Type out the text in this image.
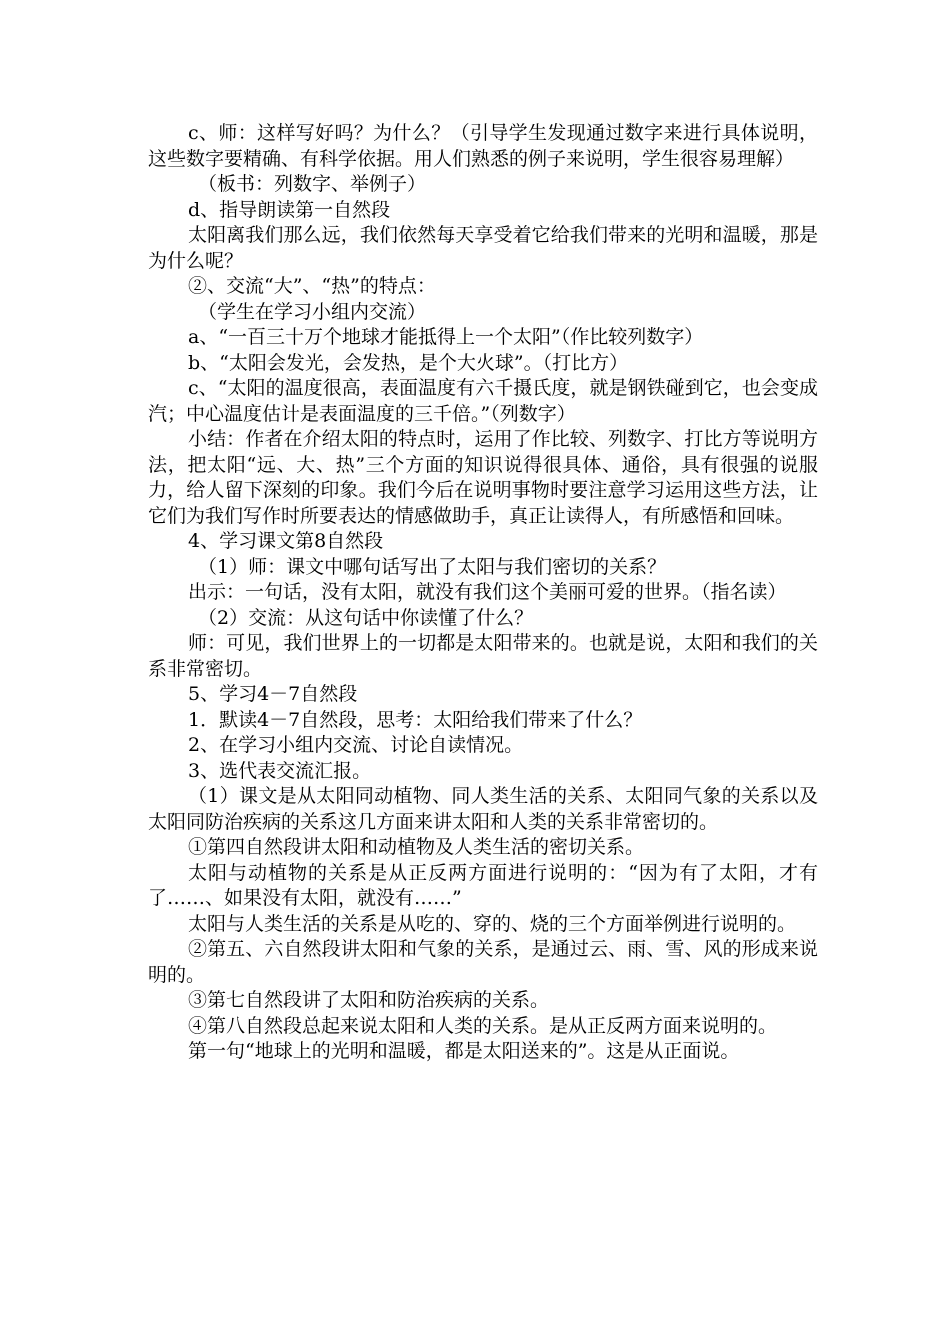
c、师：这样写好吗？为什么？（引导学生发现通过数字来进行具体说明，这些数字要精确、有科学依据。用人们熟悉的例子来说明，学生很容易理解）

（板书：列数字、举例子）

d、指导朗读第一自然段

太阳离我们那么远，我们依然每天享受着它给我们带来的光明和温暖，那是为什么呢？

②、交流“大”、“热”的特点：

（学生在学习小组内交流）

a、“一百三十万个地球才能抵得上一个太阳”（作比较列数字）

b、“太阳会发光，会发热，是个大火球”。（打比方）

c、“太阳的温度很高，表面温度有六千摄氏度，就是钢铁碰到它，也会变成汽；中心温度估计是表面温度的三千倍。”（列数字）

小结：作者在介绍太阳的特点时，运用了作比较、列数字、打比方等说明方法，把太阳“远、大、热”三个方面的知识说得很具体、通俗，具有很强的说服力，给人留下深刻的印象。我们今后在说明事物时要注意学习运用这些方法，让它们为我们写作时所要表达的情感做助手，真正让读得人，有所感悟和回味。

4、学习课文第8自然段

（1）师：课文中哪句话写出了太阳与我们密切的关系？

出示：一句话，没有太阳，就没有我们这个美丽可爱的世界。（指名读）

（2）交流：从这句话中你读懂了什么？

师：可见，我们世界上的一切都是太阳带来的。也就是说，太阳和我们的关系非常密切。

5、学习4－7自然段

1．默读4－7自然段，思考：太阳给我们带来了什么？

2、在学习小组内交流、讨论自读情况。

3、选代表交流汇报。

（1）课文是从太阳同动植物、同人类生活的关系、太阳同气象的关系以及太阳同防治疾病的关系这几方面来讲太阳和人类的关系非常密切的。

①第四自然段讲太阳和动植物及人类生活的密切关系。

太阳与动植物的关系是从正反两方面进行说明的：“因为有了太阳，才有了……、如果没有太阳，就没有……”

太阳与人类生活的关系是从吃的、穿的、烧的三个方面举例进行说明的。

②第五、六自然段讲太阳和气象的关系，是通过云、雨、雪、风的形成来说明的。

③第七自然段讲了太阳和防治疾病的关系。

④第八自然段总起来说太阳和人类的关系。是从正反两方面来说明的。

第一句“地球上的光明和温暖，都是太阳送来的”。这是从正面说。
